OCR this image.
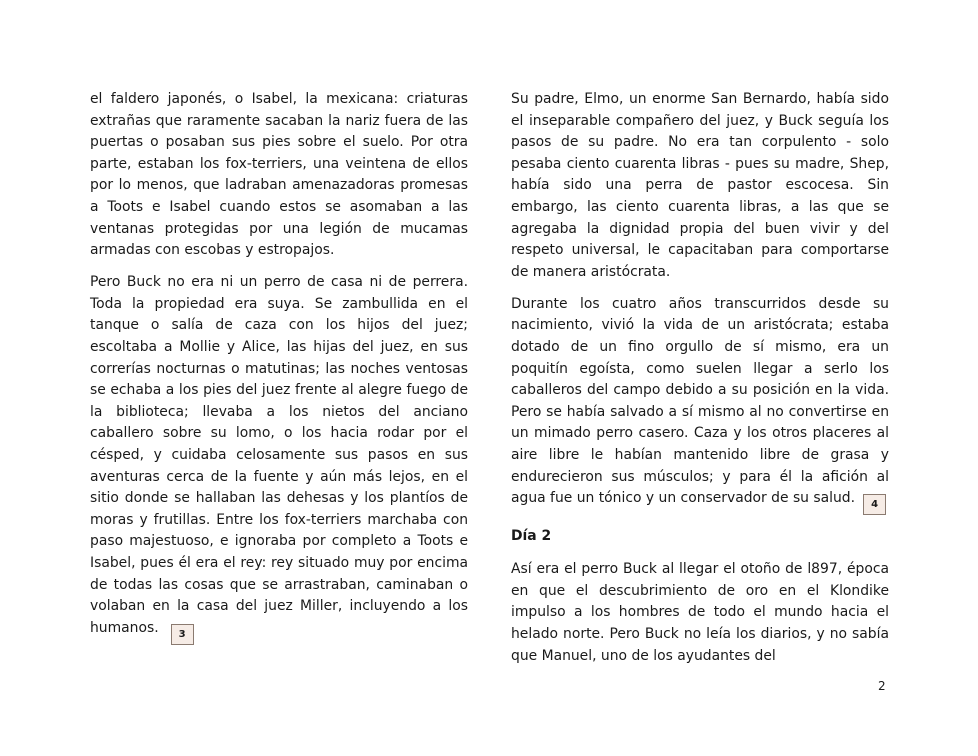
el faldero japonés, o Isabel, la mexicana: criaturas extrañas que raramente sacaban la nariz fuera de las puertas o posaban sus pies sobre el suelo. Por otra parte, estaban los fox-terriers, una veintena de ellos por lo menos, que ladraban amenazadoras promesas a Toots e Isabel cuando estos se asomaban a las ventanas protegidas por una legión de mucamas armadas con escobas y estropajos.

Pero Buck no era ni un perro de casa ni de perrera. Toda la propiedad era suya. Se zambullida en el tanque o salía de caza con los hijos del juez; escoltaba a Mollie y Alice, las hijas del juez, en sus correrías nocturnas o matutinas; las noches ventosas se echaba a los pies del juez frente al alegre fuego de la biblioteca; llevaba a los nietos del anciano caballero sobre su lomo, o los hacia rodar por el césped, y cuidaba celosamente sus pasos en sus aventuras cerca de la fuente y aún más lejos, en el sitio donde se hallaban las dehesas y los plantíos de moras y frutillas. Entre los fox-terriers marchaba con paso majestuoso, e ignoraba por completo a Toots e Isabel, pues él era el rey: rey situado muy por encima de todas las cosas que se arrastraban, caminaban o volaban en la casa del juez Miller, incluyendo a los humanos. 3

Su padre, Elmo, un enorme San Bernardo, había sido el inseparable compañero del juez, y Buck seguía los pasos de su padre. No era tan corpulento - solo pesaba ciento cuarenta libras - pues su madre, Shep, había sido una perra de pastor escocesa. Sin embargo, las ciento cuarenta libras, a las que se agregaba la dignidad propia del buen vivir y del respeto universal, le capacitaban para comportarse de manera aristócrata.

Durante los cuatro años transcurridos desde su nacimiento, vivió la vida de un aristócrata; estaba dotado de un fino orgullo de sí mismo, era un poquitín egoísta, como suelen llegar a serlo los caballeros del campo debido a su posición en la vida. Pero se había salvado a sí mismo al no convertirse en un mimado perro casero. Caza y los otros placeres al aire libre le habían mantenido libre de grasa y endurecieron sus músculos; y para él la afición al agua fue un tónico y un conservador de su salud. 4

Día 2

Así era el perro Buck al llegar el otoño de l897, época en que el descubrimiento de oro en el Klondike impulso a los hombres de todo el mundo hacia el helado norte. Pero Buck no leía los diarios, y no sabía que Manuel, uno de los ayudantes del

2
